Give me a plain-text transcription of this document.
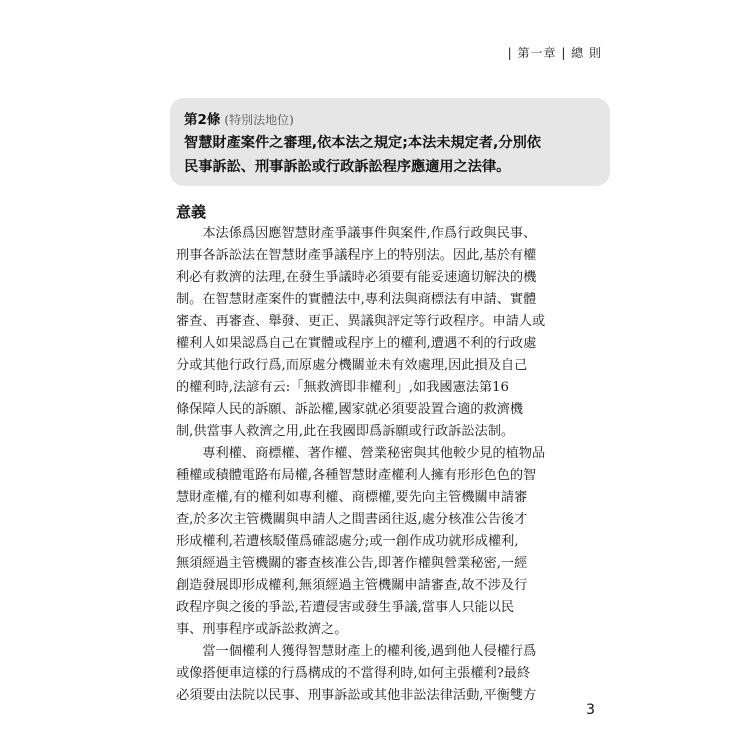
| 第一章 | 總 則
第2條 (特別法地位)
智慧財產案件之審理,依本法之規定;本法未規定者,分別依
民事訴訟、刑事訴訟或行政訴訟程序應適用之法律。
意義
　　本法係爲因應智慧財產爭議事件與案件,作爲行政與民事、
刑事各訴訟法在智慧財產爭議程序上的特別法。因此,基於有權
利必有救濟的法理,在發生爭議時必須要有能妥速適切解決的機
制。在智慧財產案件的實體法中,專利法與商標法有申請、實體
審查、再審查、舉發、更正、異議與評定等行政程序。申請人或
權利人如果認爲自己在實體或程序上的權利,遭遇不利的行政處
分或其他行政行爲,而原處分機關並未有效處理,因此損及自己
的權利時,法諺有云:「無救濟即非權利」,如我國憲法第16
條保障人民的訴願、訴訟權,國家就必須要設置合適的救濟機
制,供當事人救濟之用,此在我國即爲訴願或行政訴訟法制。
　　專利權、商標權、著作權、營業秘密與其他較少見的植物品
種權或積體電路布局權,各種智慧財產權利人擁有形形色色的智
慧財產權,有的權利如專利權、商標權,要先向主管機關申請審
查,於多次主管機關與申請人之間書函往返,處分核准公告後才
形成權利,若遭核駁僅爲確認處分;或一創作成功就形成權利,
無須經過主管機關的審查核准公告,即著作權與營業秘密,一經
創造發展即形成權利,無須經過主管機關申請審查,故不涉及行
政程序與之後的爭訟,若遭侵害或發生爭議,當事人只能以民
事、刑事程序或訴訟救濟之。
　　當一個權利人獲得智慧財產上的權利後,遇到他人侵權行爲
或像搭便車這樣的行爲構成的不當得利時,如何主張權利?最終
必須要由法院以民事、刑事訴訟或其他非訟法律活動,平衡雙方
3
